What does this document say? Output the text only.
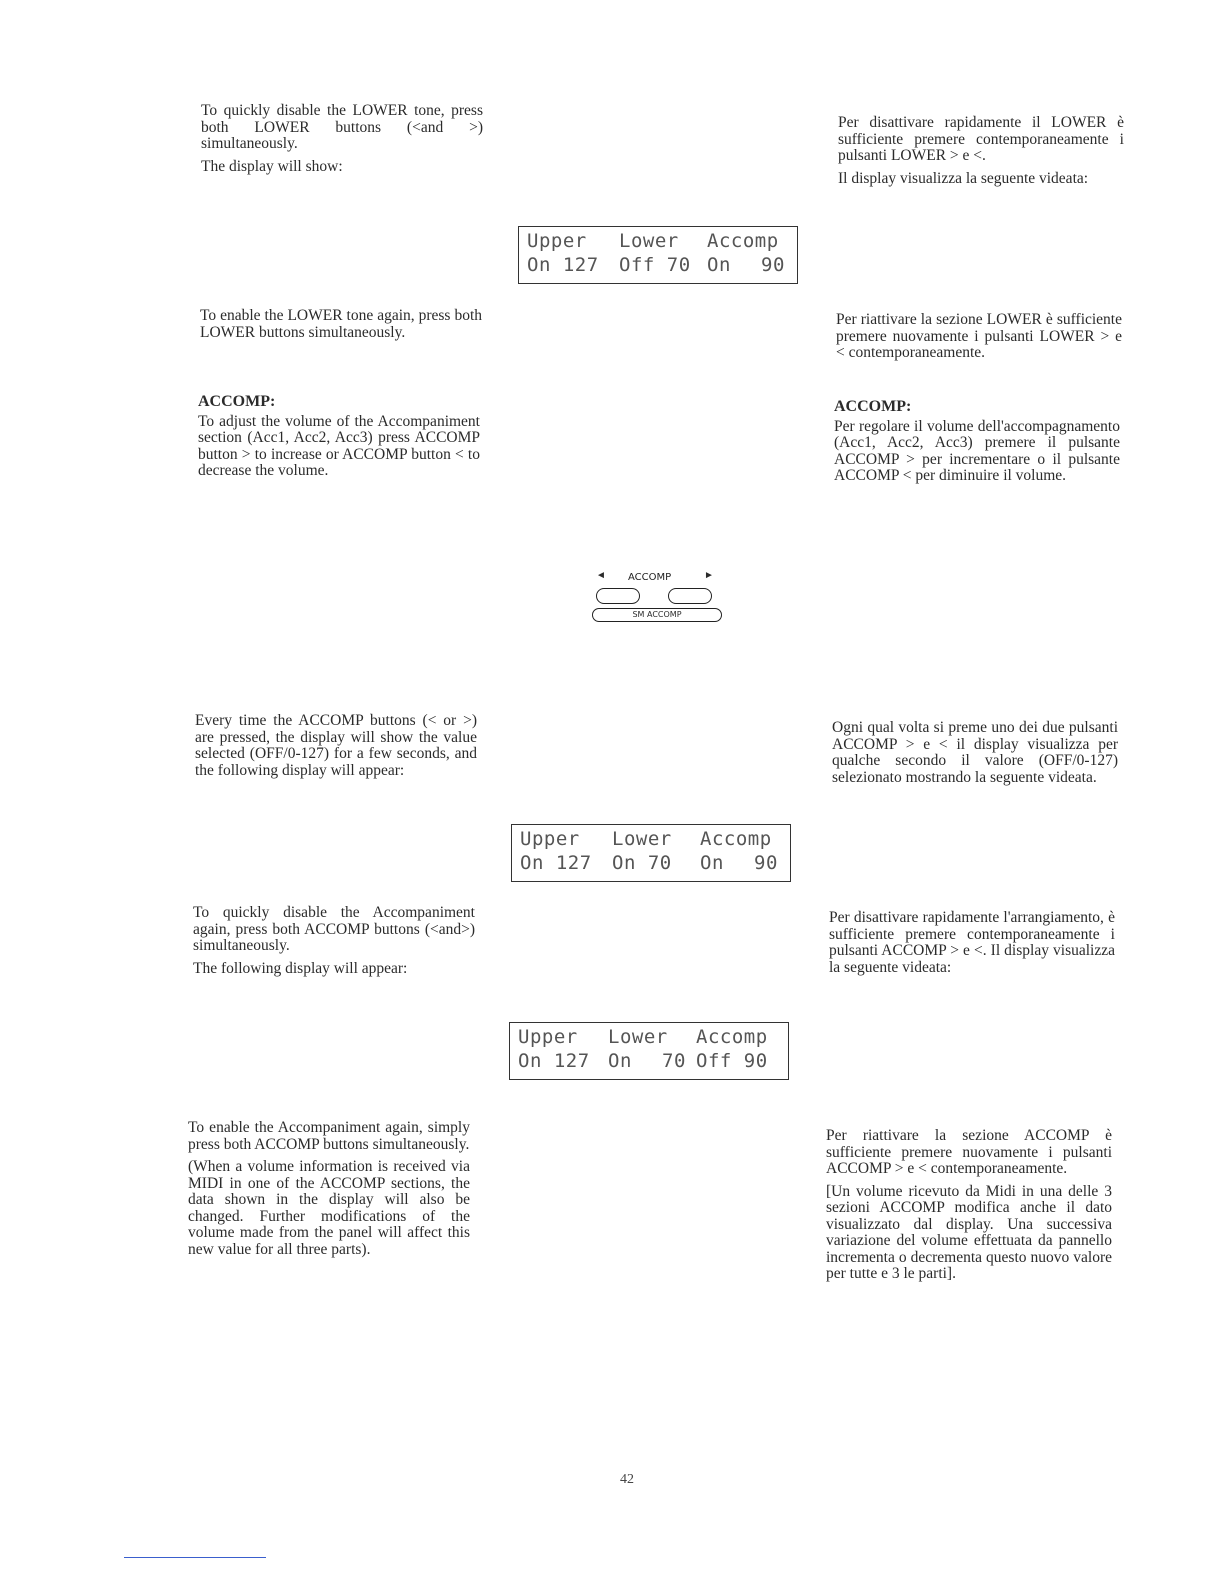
To quickly disable the LOWER tone, press both LOWER buttons (<and >) simultaneously.

The display will show:

To enable the LOWER tone again, press both LOWER buttons simultaneously.

ACCOMP:

To adjust the volume of the Accompaniment section (Acc1, Acc2, Acc3) press ACCOMP button > to increase or ACCOMP button < to decrease the volume.

Every time the ACCOMP buttons (< or >) are pressed, the display will show the value selected (OFF/0-127) for a few seconds, and the following display will appear:

To quickly disable the Accompaniment again, press both ACCOMP buttons (<and>) simultaneously.

The following display will appear:

To enable the Accompaniment again, simply press both ACCOMP buttons simultaneously.

(When a volume information is received via MIDI in one of the ACCOMP sections, the data shown in the display will also be changed. Further modifications of the volume made from the panel will affect this new value for all three parts).

Per disattivare rapidamente il LOWER è sufficiente premere contemporaneamente i pulsanti LOWER > e <.

Il display visualizza la seguente videata:

Per riattivare la sezione LOWER è sufficiente premere nuovamente i pulsanti LOWER > e < contemporaneamente.

ACCOMP:

Per regolare il volume dell'accompagnamento (Acc1, Acc2, Acc3) premere il pulsante ACCOMP > per incrementare o il pulsante ACCOMP < per diminuire il volume.

Ogni qual volta si preme uno dei due pulsanti ACCOMP > e < il display visualizza per qualche secondo il valore (OFF/0-127) selezionato mostrando la seguente videata.

Per disattivare rapidamente l'arrangiamento, è sufficiente premere contemporaneamente i pulsanti ACCOMP > e <. Il display visualizza la seguente videata:

Per riattivare la sezione ACCOMP è sufficiente premere nuovamente i pulsanti ACCOMP > e < contemporaneamente.

[Un volume ricevuto da Midi in una delle 3 sezioni ACCOMP modifica anche il dato visualizzato dal display. Una successiva variazione del volume effettuata da pannello incrementa o decrementa questo nuovo valore per tutte e 3 le parti].

Upper

Lower

Accomp

On 127

Off 70

On

90

◄ ACCOMP	►
SM ACCOMP

Upper

Lower

Accomp

On 127

On 70

On

90

Upper

Lower

Accomp

On 127

On

70

Off 90

42
